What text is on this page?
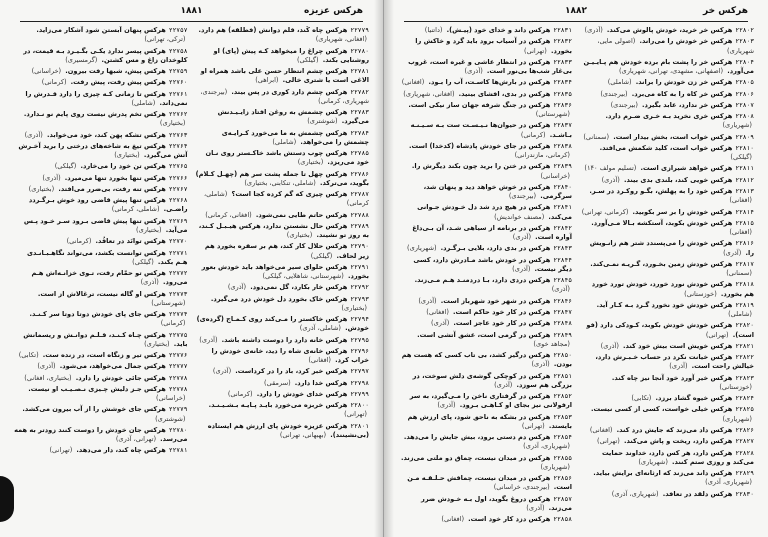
هرکس عزیزه
۱۸۸۱
۲۲۷۷۹هرکس چاه کَند، قلم دوانش (فطلقه) هم دارد. (افغانی، شهریاری)
۲۲۷۸۰هرکس چراغ را میخواهد کـه پیش (پای) او روشنایی بکند. (گیلکی)
۲۲۷۸۱هرکس چشم انتظار حسن علی باشد همراه او الاغی است یا شتری خالی. (ابراهی)
۲۲۷۸۲هرکس چشم دارد کوری در پس بیند. (بیرجندی، شهریاری، کرمانی)
۲۲۷۸۳هرکس چشمش به روغن افتاد زایـیـدنش می‌گیرد. (شوشتری)
۲۲۷۸۴هرکس چشمش به ما می‌خورد کـرایـه‌ی چشمش را می‌خواهد. (شاملی)
۲۲۷۸۵هرکس چوب دستش باشد خاکـستر روی نـان خود می‌ریزد. (بختیاری)
۲۲۷۸۶هرکس چهل تا جمله پشت سر هم (چهـل کـلام) بگوید، می‌ترکد. (شاملی، تنکابنی، بختیاری)
۲۲۷۸۷هرکس چیزی که گم کرده کجا است؟ (شاملی، کرمانی)
۲۲۷۸۸هرکس حاتم طایی نمی‌شود. (افغانی، کرمانی)
۲۲۷۸۹هرکس حال نشستن ندارد، هرکس هیـبـل کـند، به روز تو نشیند. (بختیاری)
۲۲۷۹۰هرکس حلال کار کند، هم بر سفره بخورد هم زیر لحاف. (گیلکی)
۲۲۷۹۱هرکس حلوای سیر می‌خواهد باید خودش بعور بخورد. (شهرستانی، شاهلایی، گیلکی)
۲۲۷۹۲هرکس خار بکارد، گل نمی‌دود. (آذری)
۲۲۷۹۳هرکس خاک بخورد دل خودش درد می‌گیرد. (بختیاری)
۲۲۷۹۴هرکس خاکستر را مـی‌کند روی کـمـاج (گرده‌ی) خودش. (شاملی، آذری)
۲۲۷۹۵هرکس خانه دارد را دوست داشته باشد. (آذری)
۲۲۷۹۶هرکس خانه‌ی شاه را دید، خانه‌ی خودش را خراب کرد. (افغانی)
۲۲۷۹۷هرکس خبر کرد، باد را در کرداست. (آذری)
۲۲۷۹۸هرکس خدا دارد. (سرمقی)
۲۲۷۹۹هرکس خدای خودش را دارد. (کرمانی)
۲۲۸۰۰هرکس خربزه می‌خورد بایـد پـایـه بـشـیـنـد. (تهرانی)
۲۲۸۰۱هرکس عزیزه خودش پای ارزش هم ایستاده (بی‌نشینند). (بهبهانی، تهرانی)
۲۲۷۵۷هرکس پنهان آبستن شود آشکار می‌زاید. (ترکی، تهرانی)
۲۲۷۵۸هرکس پیسر ندارد یکـی بگـیـرد بـه قیمت، در کلوخدان زاغ و مس کشتن. (گرمسیری)
۲۲۷۵۹هرکس پیش، شبها رفت بیرون. (خراسانی)
۲۲۷۶۰هرکس پیش رفت، پیش رفت. (کرمانی)
۲۲۷۶۱هرکس تا زمانی کـه چیزی را دارد قـدرش را نمی‌داند. (شاملی)
۲۲۷۶۲هرکس تخم پدرش نیست روی پایم نو نـدارد. (بختیاری)
۲۲۷۶۳هرکس تشکه پهن کند، خود می‌خوابد. (آذری)
۲۲۷۶۴هرکس تیغ به شاخه‌های درختی را برید آخـرش آتش می‌گیرد. (بختیاری)
۲۲۷۶۵هرکس تن خود را می‌خارد. (گیلکی)
۲۲۷۶۶هرکس تنها بخورد تنها می‌میرد. (آذری)
۲۲۷۶۷هرکس تنه رفت، بی‌ضرر می‌افتد. (بختیاری)
۲۲۷۶۸هرکس تنها پیش قاضی رود خوش بـرگـردد راضـی. (شاملی، کرمانی)
۲۲۷۶۹هرکس تنها پیش قاضی بـرود سـر خـود پـس می‌آید. (بختیاری)
۲۲۷۷۰هرکس توانَد در تعافُد. (کرمانی)
۲۲۷۷۱هرکس توانست بکشد، می‌تواند نگاهـبـانـدی هـم بکند. (گیلکی)
۲۲۷۷۲هرکس تو حمّام رفت، تـوی خزانـه‌اش هـم می‌رود. (آذری)
۲۲۷۷۳هرکس او گاله نیست، ترغالاش از است. (شهرستانی)
۲۲۷۷۴هرکس جای پای خودش دوتا دوتا سر کـنـد. (کرمانی)
۲۲۷۷۵هرکس چـاه کـنـد، قـلـم دوانـش و ریسمانش باید. (بختیاری)
۲۲۷۷۶هرکس تیر و زنگاه است، در زنده ست. (تکابی)
۲۲۷۷۷هرکس جمال می‌خواهد، می‌شود. (آذری)
۲۲۷۷۸هرکس جائی خودش را دارد. (بختیاری، افغانی)
۲۲۷۷۸هرکس جـز دلیش چـیزی نـصـیـب او نیست. (خراسانی)
۲۲۷۷۹هرکس جای خوشش را از آب بیرون می‌کشد. (شوشتری)
۲۲۷۸۰هرکس جان خودش را دوست کنند زودتر به همه می‌رسد. (تهرانی، آذری)
۲۲۷۸۱هرکس چاه کند، دار می‌دهد. (تهرانی)
هرکس خر
۱۸۸۲
۲۲۸۰۲هرکس خر خرید، خودش پالوش می‌کند. (آذری)
۲۲۸۰۳هرکس خر خودش را می‌راند. (اصولی مایی، شهریاری)
۲۲۸۰۴هرکس خر را پشت بام برده خودش هم پـایـیـن می‌آورد. (اصفهانی، مشهدی، تهرانی، شهریاری)
۲۲۸۰۵هرکس خر زن خودش را براند. (شاملی)
۲۲۸۰۶هرکس خر کاه را به کاه می‌برد. (بیرجندی)
۲۲۸۰۷هرکس خر ندارد، عابد بگیرد. (بیرجندی)
۲۲۸۰۸هرکس خری نخرید بـه خـری ضـرم دارد. (شهریاری)
۲۲۸۰۹هرکس خواب است، بخش بیدار است. (سمنانی)
۲۲۸۱۰هرکس خواب است، کلید شکمش می‌افتد. (گیلکی)
۲۲۸۱۱هرکس خواهد شیرازی است. (تسلیم مولف ۱۴۰)
۲۲۸۱۲هرکس خویی کند، بلندی بدی بیند. (آذری)
۲۲۸۱۳هرکس خود را به پهلش، بگـو روکـرد در سـر. (افغانی)
۲۲۸۱۴هرکس خودش را بر سر بکوبید. (کرمانی، تهرانی)
۲۲۸۱۵هرکس خودش بکوبد، آستکشه بـالا مـی‌آورد. (افغانی)
۲۲۸۱۶هرکس خودش را می‌پسندد شتر هم زانـویش را. (آذری)
۲۲۸۱۷هرکس خودش زمین بخـورد، گـریـه نمـی‌کند. (سمنانی)
۲۲۸۱۸هرکس خودش نورد خورد، خودش تورد خورد هم بخورد. (خوزستانی)
۲۲۸۱۹هرکس خودش خود نخورد گـرد بـه کـار آید. (شاملی)
۲۲۸۲۰هرکس خودش خودش بکوبد، کـودکی دارد (فو است). (تهرانی)
۲۲۸۲۱هرکس خویش است بیش خود کند. (آذری)
۲۲۸۲۲هرکس خیانت نکرد در حساب خـبـرش دارد، خیالش راحت است. (آذری)
۲۲۸۲۳هرکس خیر آورد خود آنجا نیز چاه کند. (خوزستانی)
۲۲۸۲۴هرکس خیوه گشاد برزد. (تکابی)
۲۲۸۲۵هرکس خیلی خواست، کسی از کسی نیست. (شهریاری)
۲۲۸۲۶هرکس داد می‌زند که جایش درد کند. (افغانی)
۲۲۸۲۷هرکس دارد، ریخت و پاش می‌کند. (تهرانی)
۲۲۸۲۸هرکس دارد، هر کس دارد، خداوند حمایت می‌کند و روزی ستم کنند. (شهریاری)
۲۲۸۲۹هرکس داند می‌زند که ارثانه‌ای برایش بیاید. (شهریاری، آذری)
۲۲۸۳۰هرکس دلقد در تعافد. (شهریاری، آذری)
۲۲۸۳۱هرکس داند و خدای خود (پیـش). (داتنیا)
۲۲۸۳۲هرکس در آسیاب برود باید گرد و خاکش را بخورد. (تهرانی)
۲۲۸۳۳هرکس در انتظار عاشی و غیره است، غروب بی‌غار شب‌ها بی‌نور است. (آذری)
۲۲۸۳۴هرکس در بارش‌ها کاسـت، آب را بـود. (افغانی)
۲۲۸۳۵هرکس در بدی، افشای بینید. (افغانی، شهریاری)
۲۲۸۳۶هرکس در جنگ شرفه جهان ساز نیکی است. (شهرستانی)
۲۲۸۳۷هرکس در حیوان‌ها نـیـسـت ست بـه سـیـنـه بـاشـد. (کرمانی)
۲۲۸۳۸هرکس در جای خودش پادشاه (کدخدا) است. (کرمانی، مازندرانی)
۲۲۸۳۹هرکس در ختن را برید چون بکند دیگرش را. (خراسانی)
۲۲۸۴۰هرکس در خوش خواهد دید و پنهان شد، سرگرمی. (بیرجندی)
۲۲۸۴۱هرکس در هیچ درد شد دل خـودش جـوانی می‌کند. (مصنف خواندیش)
۲۲۸۴۲هرکس در برنامه از سیاهی شـد، آن بـی‌داغ آواره است. (آذری)
۲۲۸۴۳هرکس در بدی دارد، بلایی بـرگـرد. (شهریاری)
۲۲۸۴۴هرکس در خودش باشد مـادرش دارد، کسی دیگر نیست. (آذری)
۲۲۸۴۵هرکس دردی دارد، بـا دردمنـد هـم مـی‌زند. (آذری)
۲۲۸۴۶هرکس در شهر خود شهرباز است. (آذری)
۲۲۸۴۷هرکس در کار خود حاکم است. (افغانی)
۲۲۸۴۸هرکس در کار خود عاجز است. (آذری)
۲۲۸۴۹هرکس در گرمی است، عشق آتشی است. (مجاهد خوی)
۲۲۸۵۰هرکس درگیر کشد، بی‌ تاب کسی که هست هم بودن. (آذری)
۲۲۸۵۱هرکس در کوچکی گوشه‌ی دلش سوخت، در بزرگی هم سوزد. (آذری)
۲۲۸۵۲هرکس در گرفتاری ناخن را مـی‌گیرد، به سر ارفولانی نیز بجای او کـاهـی بـرود. (آذری)
۲۲۸۵۳هرکس در بشکه به ناحق شود، پای ارزش هم بایستد. (تهرانی)
۲۲۸۵۴هرکس دم دستی برود، بیش جایش را می‌دهد. (شهریاری، آذری)
۲۲۸۵۵هرکس در میدان نیست، چماق دو ملتی می‌زند. (شهریاری)
۲۲۸۵۶هرکس در میدان نیست، چماقش حـلـقـه مـن است. (بیرجندی، خراسانی)
۲۲۸۵۷هرکس دروغ بگوید، اول بـه خـودش ضرر می‌زند. (آذری)
۲۲۸۵۸هرکس دزد کار خود است. (افغانی)
